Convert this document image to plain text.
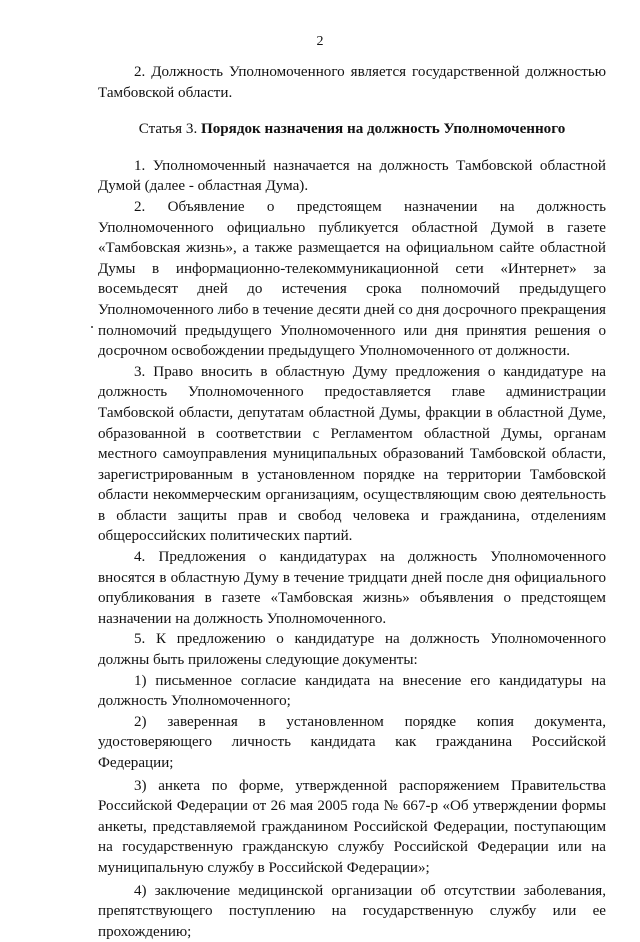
2

2. Должность Уполномоченного является государственной должностью Тамбовской области.

Статья 3. Порядок назначения на должность Уполномоченного

1. Уполномоченный назначается на должность Тамбовской областной Думой (далее - областная Дума).

2. Объявление о предстоящем назначении на должность Уполномоченного официально публикуется областной Думой в газете «Тамбовская жизнь», а также размещается на официальном сайте областной Думы в информационно-телекоммуникационной сети «Интернет» за восемьдесят дней до истечения срока полномочий предыдущего Уполномоченного либо в течение десяти дней со дня досрочного прекращения полномочий предыдущего Уполномоченного или дня принятия решения о досрочном освобождении предыдущего Уполномоченного от должности.

3. Право вносить в областную Думу предложения о кандидатуре на должность Уполномоченного предоставляется главе администрации Тамбовской области, депутатам областной Думы, фракции в областной Думе, образованной в соответствии с Регламентом областной Думы, органам местного самоуправления муниципальных образований Тамбовской области, зарегистрированным в установленном порядке на территории Тамбовской области некоммерческим организациям, осуществляющим свою деятельность в области защиты прав и свобод человека и гражданина, отделениям общероссийских политических партий.

4. Предложения о кандидатурах на должность Уполномоченного вносятся в областную Думу в течение тридцати дней после дня официального опубликования в газете «Тамбовская жизнь» объявления о предстоящем назначении на должность Уполномоченного.

5. К предложению о кандидатуре на должность Уполномоченного должны быть приложены следующие документы:

1) письменное согласие кандидата на внесение его кандидатуры на должность Уполномоченного;

2) заверенная в установленном порядке копия документа, удостоверяющего личность кандидата как гражданина Российской Федерации;

3) анкета по форме, утвержденной распоряжением Правительства Российской Федерации от 26 мая 2005 года № 667-р «Об утверждении формы анкеты, представляемой гражданином Российской Федерации, поступающим на государственную гражданскую службу Российской Федерации или на муниципальную службу в Российской Федерации»;

4) заключение медицинской организации об отсутствии заболевания, препятствующего поступлению на государственную службу или ее прохождению;
